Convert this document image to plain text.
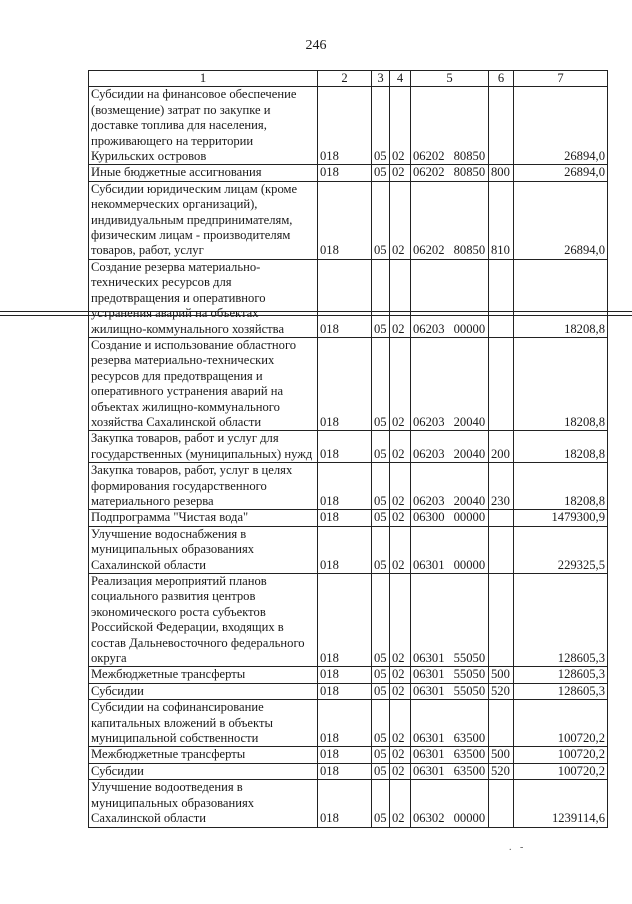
246
1	2	3	4	5	6	7
Субсидии на финансовое обеспечение (возмещение) затрат по закупке и доставке топлива для населения, проживающего на территории Курильских островов	018	05	02	06202 80850		26894,0
Иные бюджетные ассигнования	018	05	02	06202 80850	800	26894,0
Субсидии юридическим лицам (кроме некоммерческих организаций), индивидуальным предпринимателям, физическим лицам - производителям товаров, работ, услуг	018	05	02	06202 80850	810	26894,0
Создание резерва материально-технических ресурсов для предотвращения и оперативного устранения аварий на объектах жилищно-коммунального хозяйства	018	05	02	06203 00000		18208,8
Создание и использование областного резерва материально-технических ресурсов для предотвращения и оперативного устранения аварий на объектах жилищно-коммунального хозяйства Сахалинской области	018	05	02	06203 20040		18208,8
Закупка товаров, работ и услуг для государственных (муниципальных) нужд	018	05	02	06203 20040	200	18208,8
Закупка товаров, работ, услуг в целях формирования государственного материального резерва	018	05	02	06203 20040	230	18208,8
Подпрограмма "Чистая вода"	018	05	02	06300 00000		1479300,9
Улучшение водоснабжения в муниципальных образованиях Сахалинской области	018	05	02	06301 00000		229325,5
Реализация мероприятий планов социального развития центров экономического роста субъектов Российской Федерации, входящих в состав Дальневосточного федерального округа	018	05	02	06301 55050		128605,3
Межбюджетные трансферты	018	05	02	06301 55050	500	128605,3
Субсидии	018	05	02	06301 55050	520	128605,3
Субсидии на софинансирование капитальных вложений в объекты муниципальной собственности	018	05	02	06301 63500		100720,2
Межбюджетные трансферты	018	05	02	06301 63500	500	100720,2
Субсидии	018	05	02	06301 63500	520	100720,2
Улучшение водоотведения в муниципальных образованиях Сахалинской области	018	05	02	06302 00000		1239114,6
. -
